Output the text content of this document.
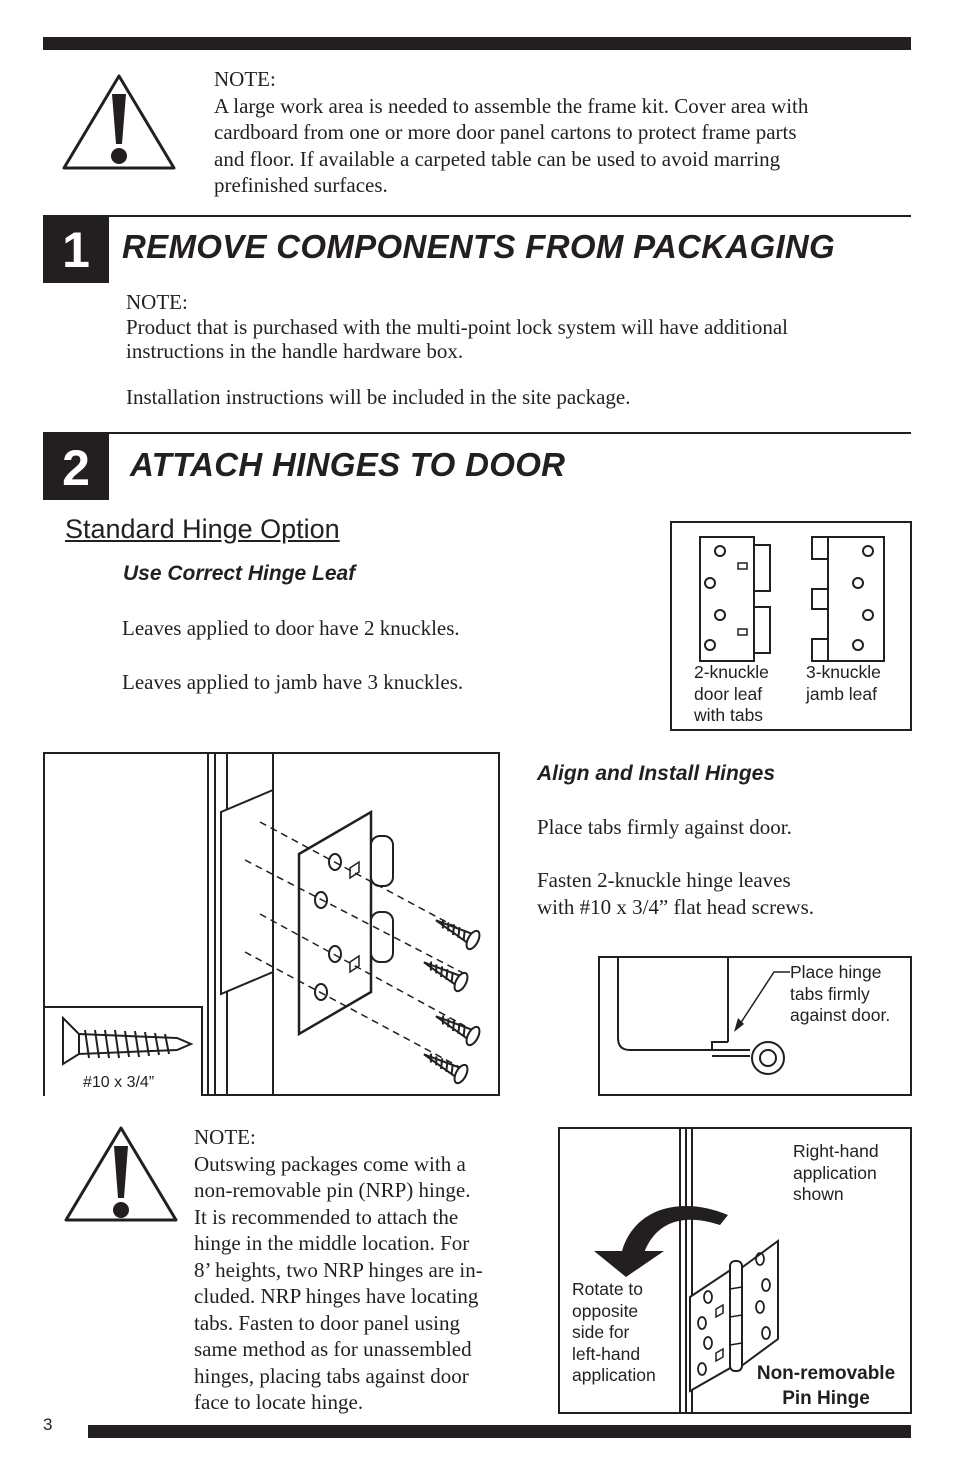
NOTE:

A large work area is needed to assemble the frame kit. Cover area with

cardboard from one or more door panel cartons to protect frame parts

and floor. If available a carpeted table can be used to avoid marring

prefinished surfaces.

1 REMOVE COMPONENTS FROM PACKAGING

NOTE:

Product that is purchased with the multi-point lock system will have additional

instructions in the handle hardware box.

Installation instructions will be included in the site package.
2	ATTACH HINGES TO DOOR
Standard Hinge Option
Use Correct Hinge Leaf
Leaves applied to door have 2 knuckles.
Leaves applied to jamb have 3 knuckles.	2-knuckle

door leaf

with tabs

3-knuckle

jamb leaf

#10 x 3/4”
Align and Install Hinges
Place tabs firmly against door.

Fasten 2-knuckle hinge leaves

with #10 x 3/4” flat head screws.

Place hinge

tabs firmly

against door.

NOTE:

Outswing packages come with a

non-removable pin (NRP) hinge.

It is recommended to attach the

hinge in the middle location. For

8’ heights, two NRP hinges are in-

cluded. NRP hinges have locating

tabs. Fasten to door panel using

same method as for unassembled

hinges, placing tabs against door

face to locate hinge.

Right-hand

application

shown

Rotate to

opposite

side for

left-hand

application	Non-removable

Pin Hinge

3
